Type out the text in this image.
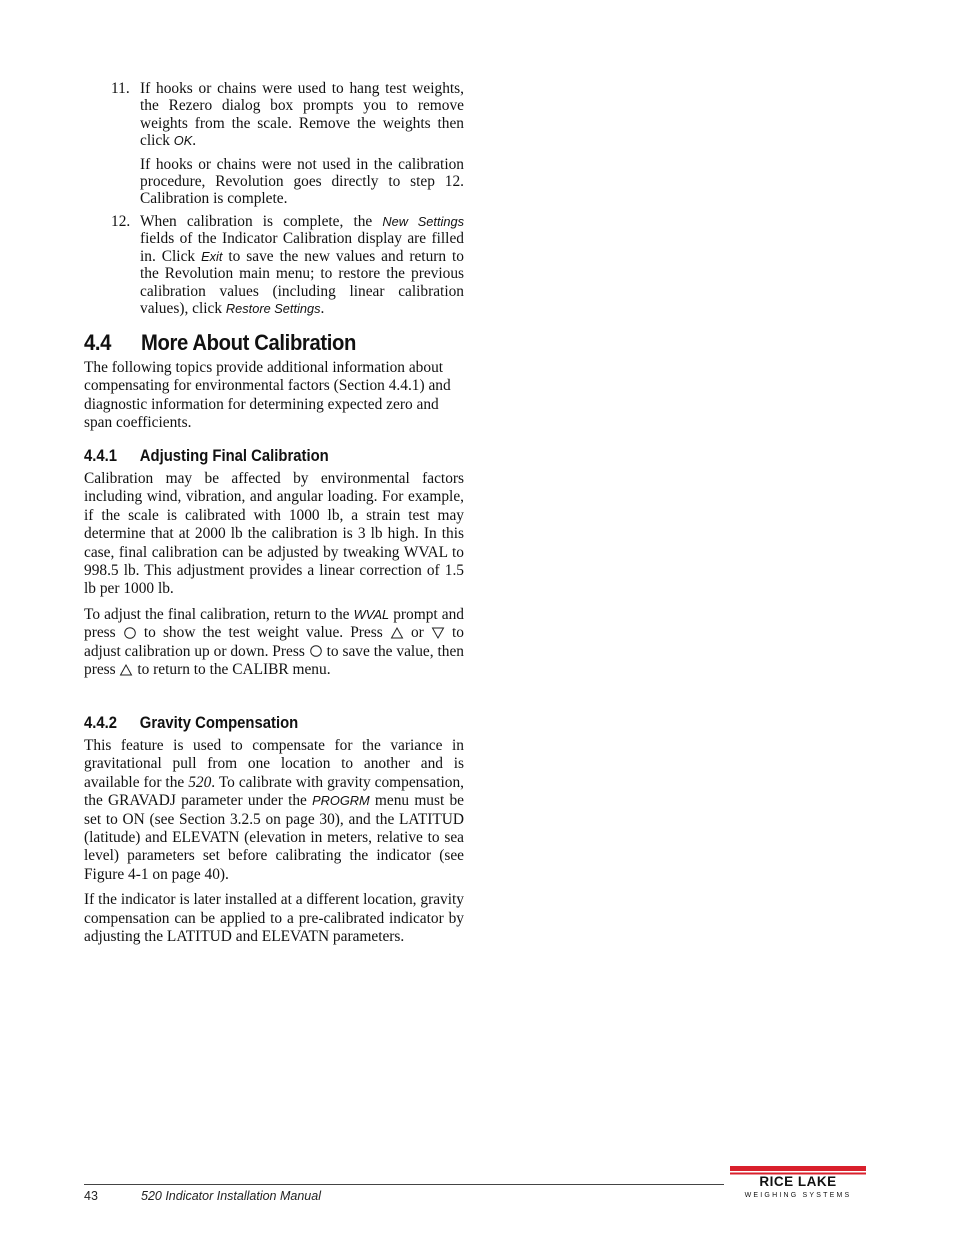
11. If hooks or chains were used to hang test weights, the Rezero dialog box prompts you to remove weights from the scale. Remove the weights then click OK.

If hooks or chains were not used in the calibration procedure, Revolution goes directly to step 12. Calibration is complete.

12. When calibration is complete, the New Settings fields of the Indicator Calibration display are filled in. Click Exit to save the new values and return to the Revolution main menu; to restore the previous calibration values (including linear calibration values), click Restore Settings.

4.4 More About Calibration

The following topics provide additional information about compensating for environmental factors (Section 4.4.1) and diagnostic information for determining expected zero and span coefficients.

4.4.1 Adjusting Final Calibration

Calibration may be affected by environmental factors including wind, vibration, and angular loading. For example, if the scale is calibrated with 1000 lb, a strain test may determine that at 2000 lb the calibration is 3 lb high. In this case, final calibration can be adjusted by tweaking WVAL to 998.5 lb. This adjustment provides a linear correction of 1.5 lb per 1000 lb.

To adjust the final calibration, return to the WVAL prompt and press  to show the test weight value. Press  or  to adjust calibration up or down. Press  to save the value, then press  to return to the CALIBR menu.

4.4.2 Gravity Compensation

This feature is used to compensate for the variance in gravitational pull from one location to another and is available for the 520. To calibrate with gravity compensation, the GRAVADJ parameter under the PROGRM menu must be set to ON (see Section 3.2.5 on page 30), and the LATITUD (latitude) and ELEVATN (elevation in meters, relative to sea level) parameters set before calibrating the indicator (see Figure 4-1 on page 40).

If the indicator is later installed at a different location, gravity compensation can be applied to a pre-calibrated indicator by adjusting the LATITUD and ELEVATN parameters.

43	520 Indicator Installation Manual
RICE LAKE
WEIGHING SYSTEMS
